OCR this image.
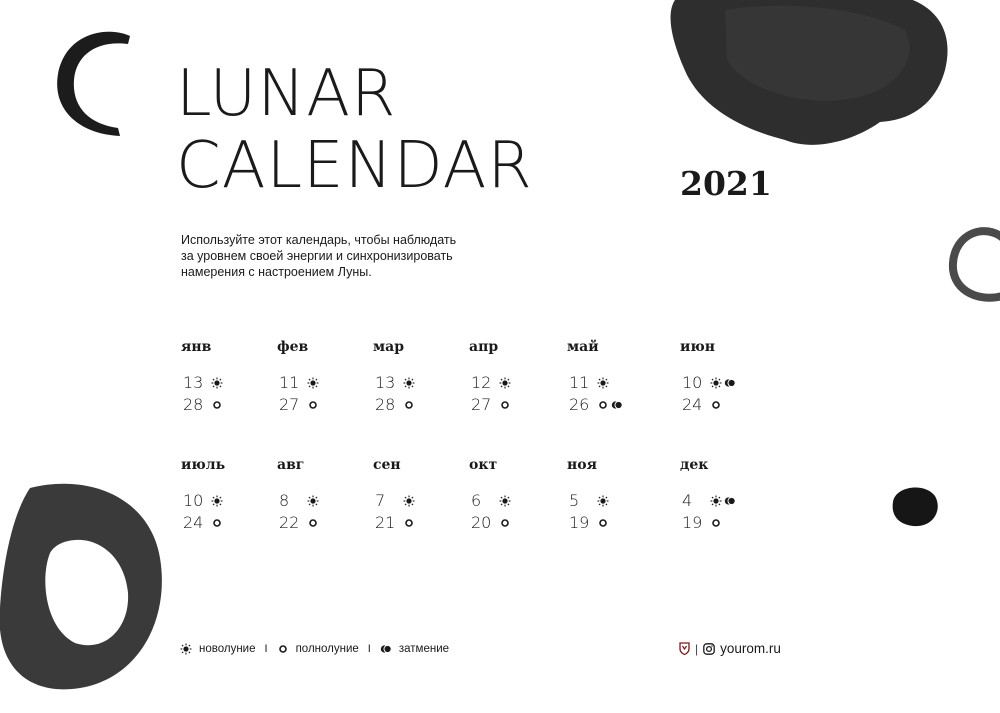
LUNAR
CALENDAR	2021
Используйте этот календарь, чтобы наблюдать
за уровнем своей энергии и синхронизировать
намерения с настроением Луны.
янв
13
28
фев
11
27
мар
13
28
апр
12
27
май
11
26
июн
10
24
июль
10
24
авг
8
22
сен
7
21
окт
6
20
ноя
5
19
дек
4
19
новолуние I полнолуние I затмение	| yourom.ru
